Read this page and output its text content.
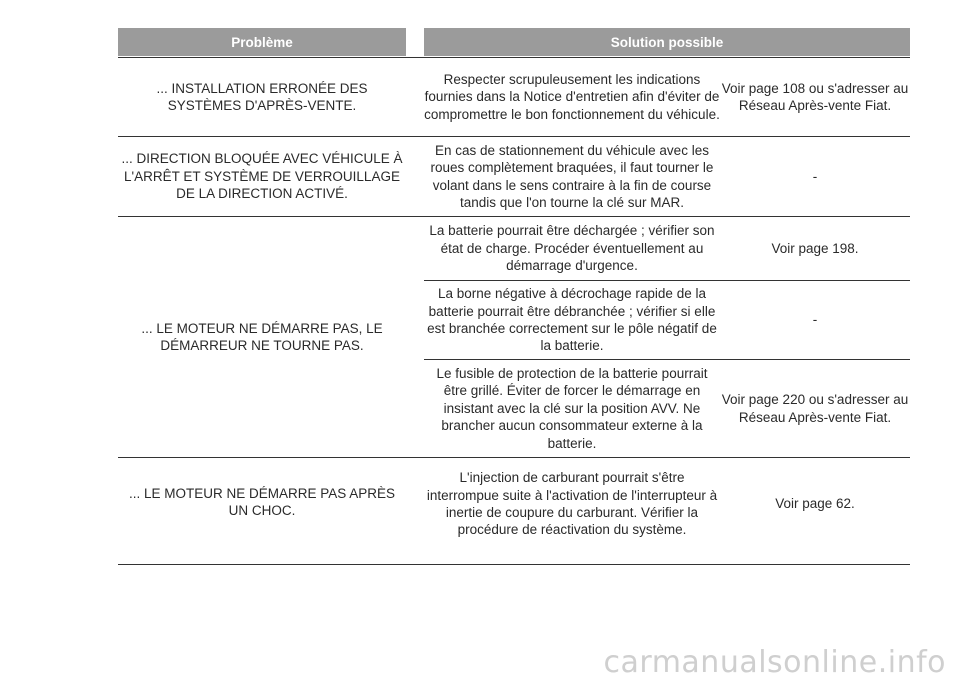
Problème	Solution possible
... INSTALLATION ERRONÉE DES SYSTÈMES D'APRÈS-VENTE.
Respecter scrupuleusement les indications fournies dans la Notice d'entretien afin d'éviter de compromettre le bon fonctionnement du véhicule.
Voir page 108 ou s'adresser au Réseau Après-vente Fiat.
... DIRECTION BLOQUÉE AVEC VÉHICULE À L'ARRÊT ET SYSTÈME DE VERROUILLAGE DE LA DIRECTION ACTIVÉ.
En cas de stationnement du véhicule avec les roues complètement braquées, il faut tourner le volant dans le sens contraire à la fin de course tandis que l'on tourne la clé sur MAR.
-
... LE MOTEUR NE DÉMARRE PAS, LE DÉMARREUR NE TOURNE PAS.
La batterie pourrait être déchargée ; vérifier son état de charge. Procéder éventuellement au démarrage d'urgence.
Voir page 198.
La borne négative à décrochage rapide de la batterie pourrait être débranchée ; vérifier si elle est branchée correctement sur le pôle négatif de la batterie.
-
Le fusible de protection de la batterie pourrait être grillé. Éviter de forcer le démarrage en insistant avec la clé sur la position AVV. Ne brancher aucun consommateur externe à la batterie.
Voir page 220 ou s'adresser au Réseau Après-vente Fiat.
... LE MOTEUR NE DÉMARRE PAS APRÈS UN CHOC.
L'injection de carburant pourrait s'être interrompue suite à l'activation de l'interrupteur à inertie de coupure du carburant. Vérifier la procédure de réactivation du système.
Voir page 62.
carmanualsonline.info
